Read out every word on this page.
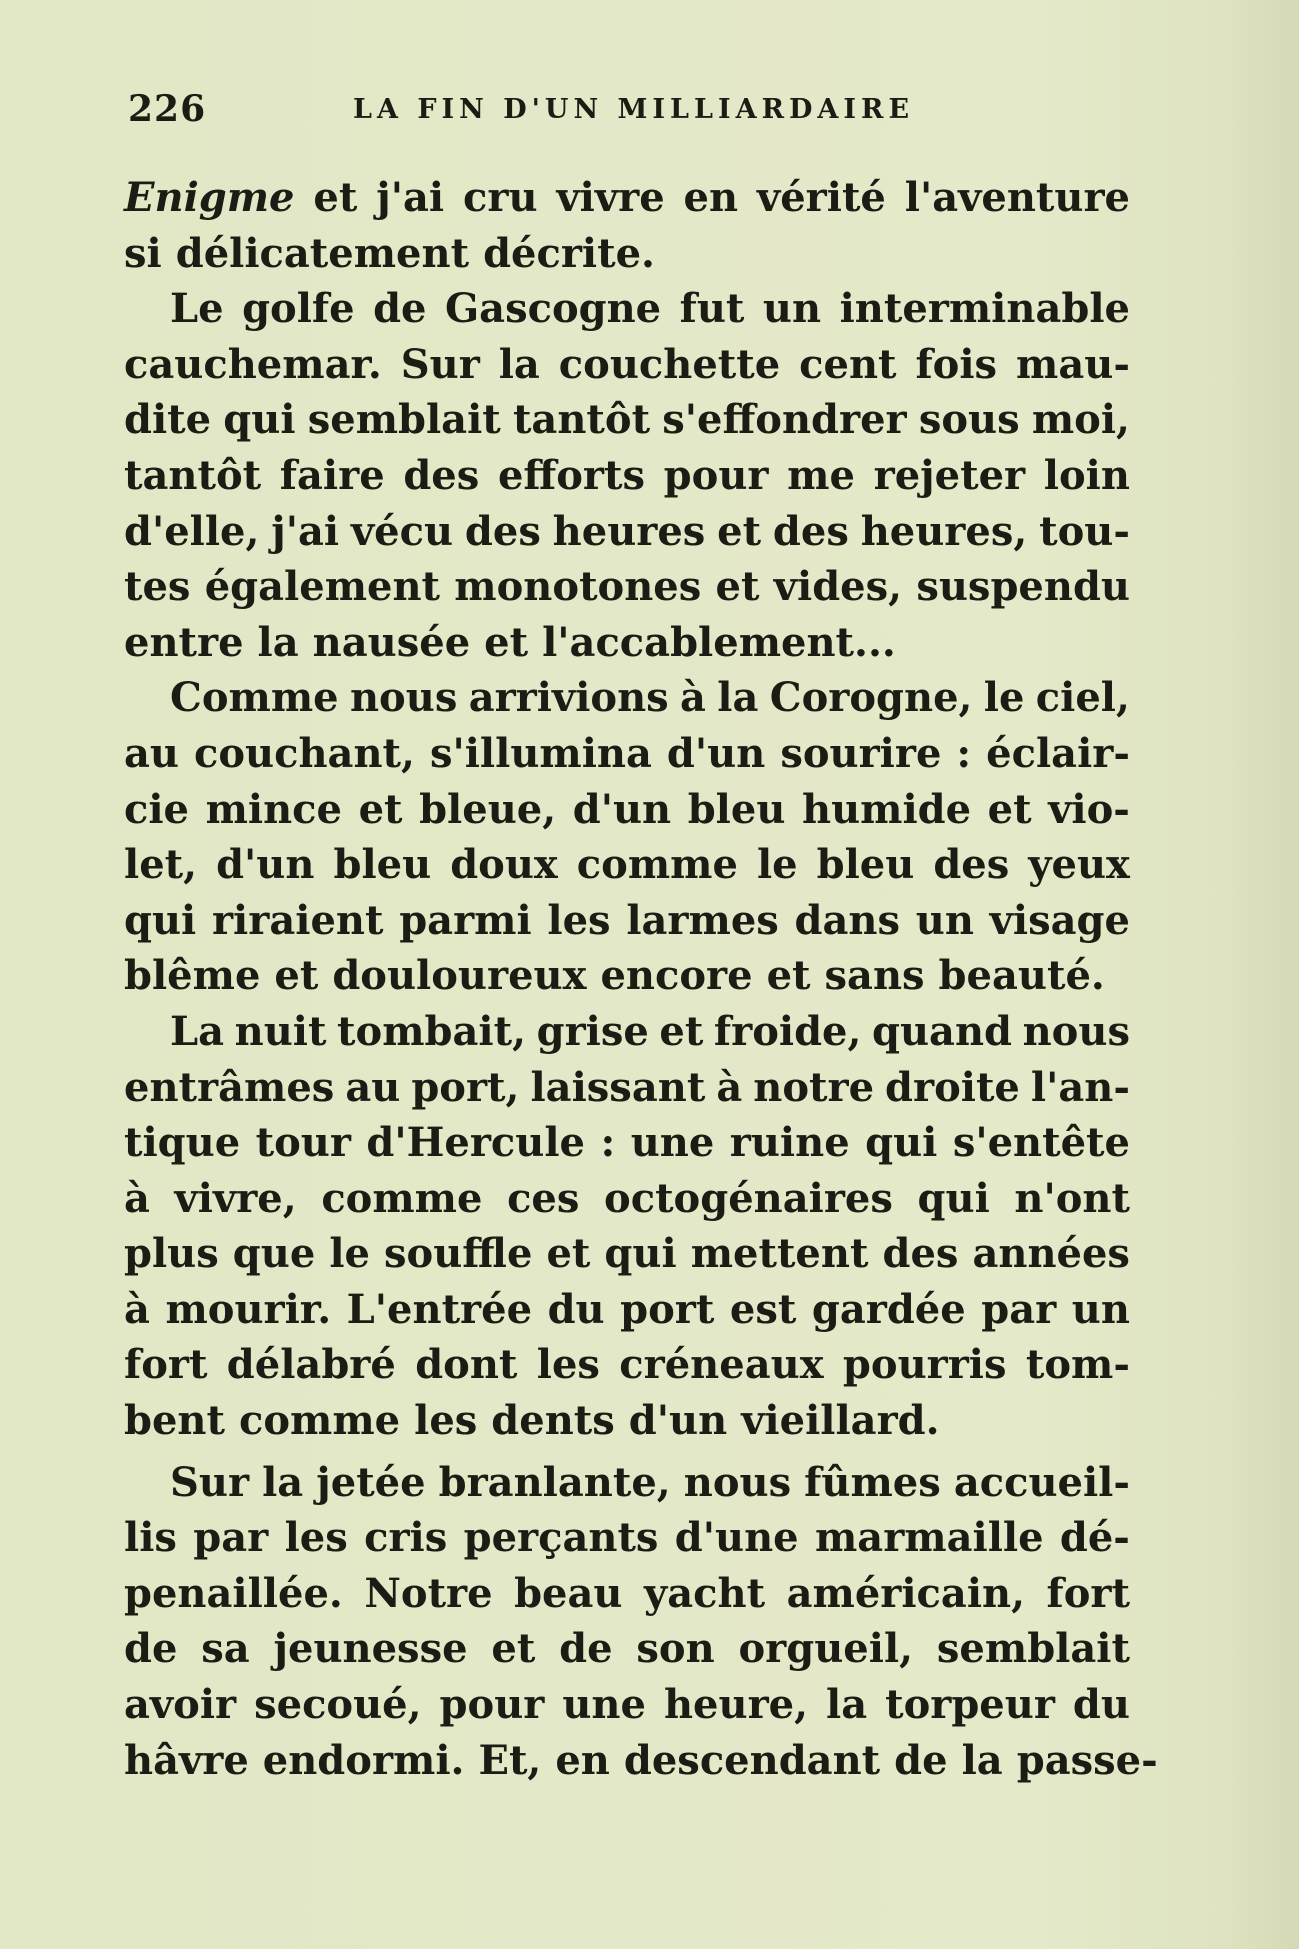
226	LA FIN D'UN MILLIARDAIRE
Enigme et j'ai cru vivre en vérité l'aventure
si délicatement décrite.
Le golfe de Gascogne fut un interminable
cauchemar. Sur la couchette cent fois mau-
dite qui semblait tantôt s'effondrer sous moi,
tantôt faire des efforts pour me rejeter loin
d'elle, j'ai vécu des heures et des heures, tou-
tes également monotones et vides, suspendu
entre la nausée et l'accablement...
Comme nous arrivions à la Corogne, le ciel,
au couchant, s'illumina d'un sourire : éclair-
cie mince et bleue, d'un bleu humide et vio-
let, d'un bleu doux comme le bleu des yeux
qui riraient parmi les larmes dans un visage
blême et douloureux encore et sans beauté.
La nuit tombait, grise et froide, quand nous
entrâmes au port, laissant à notre droite l'an-
tique tour d'Hercule : une ruine qui s'entête
à vivre, comme ces octogénaires qui n'ont
plus que le souffle et qui mettent des années
à mourir. L'entrée du port est gardée par un
fort délabré dont les créneaux pourris tom-
bent comme les dents d'un vieillard.
Sur la jetée branlante, nous fûmes accueil-
lis par les cris perçants d'une marmaille dé-
penaillée. Notre beau yacht américain, fort
de sa jeunesse et de son orgueil, semblait
avoir secoué, pour une heure, la torpeur du
hâvre endormi. Et, en descendant de la passe-
